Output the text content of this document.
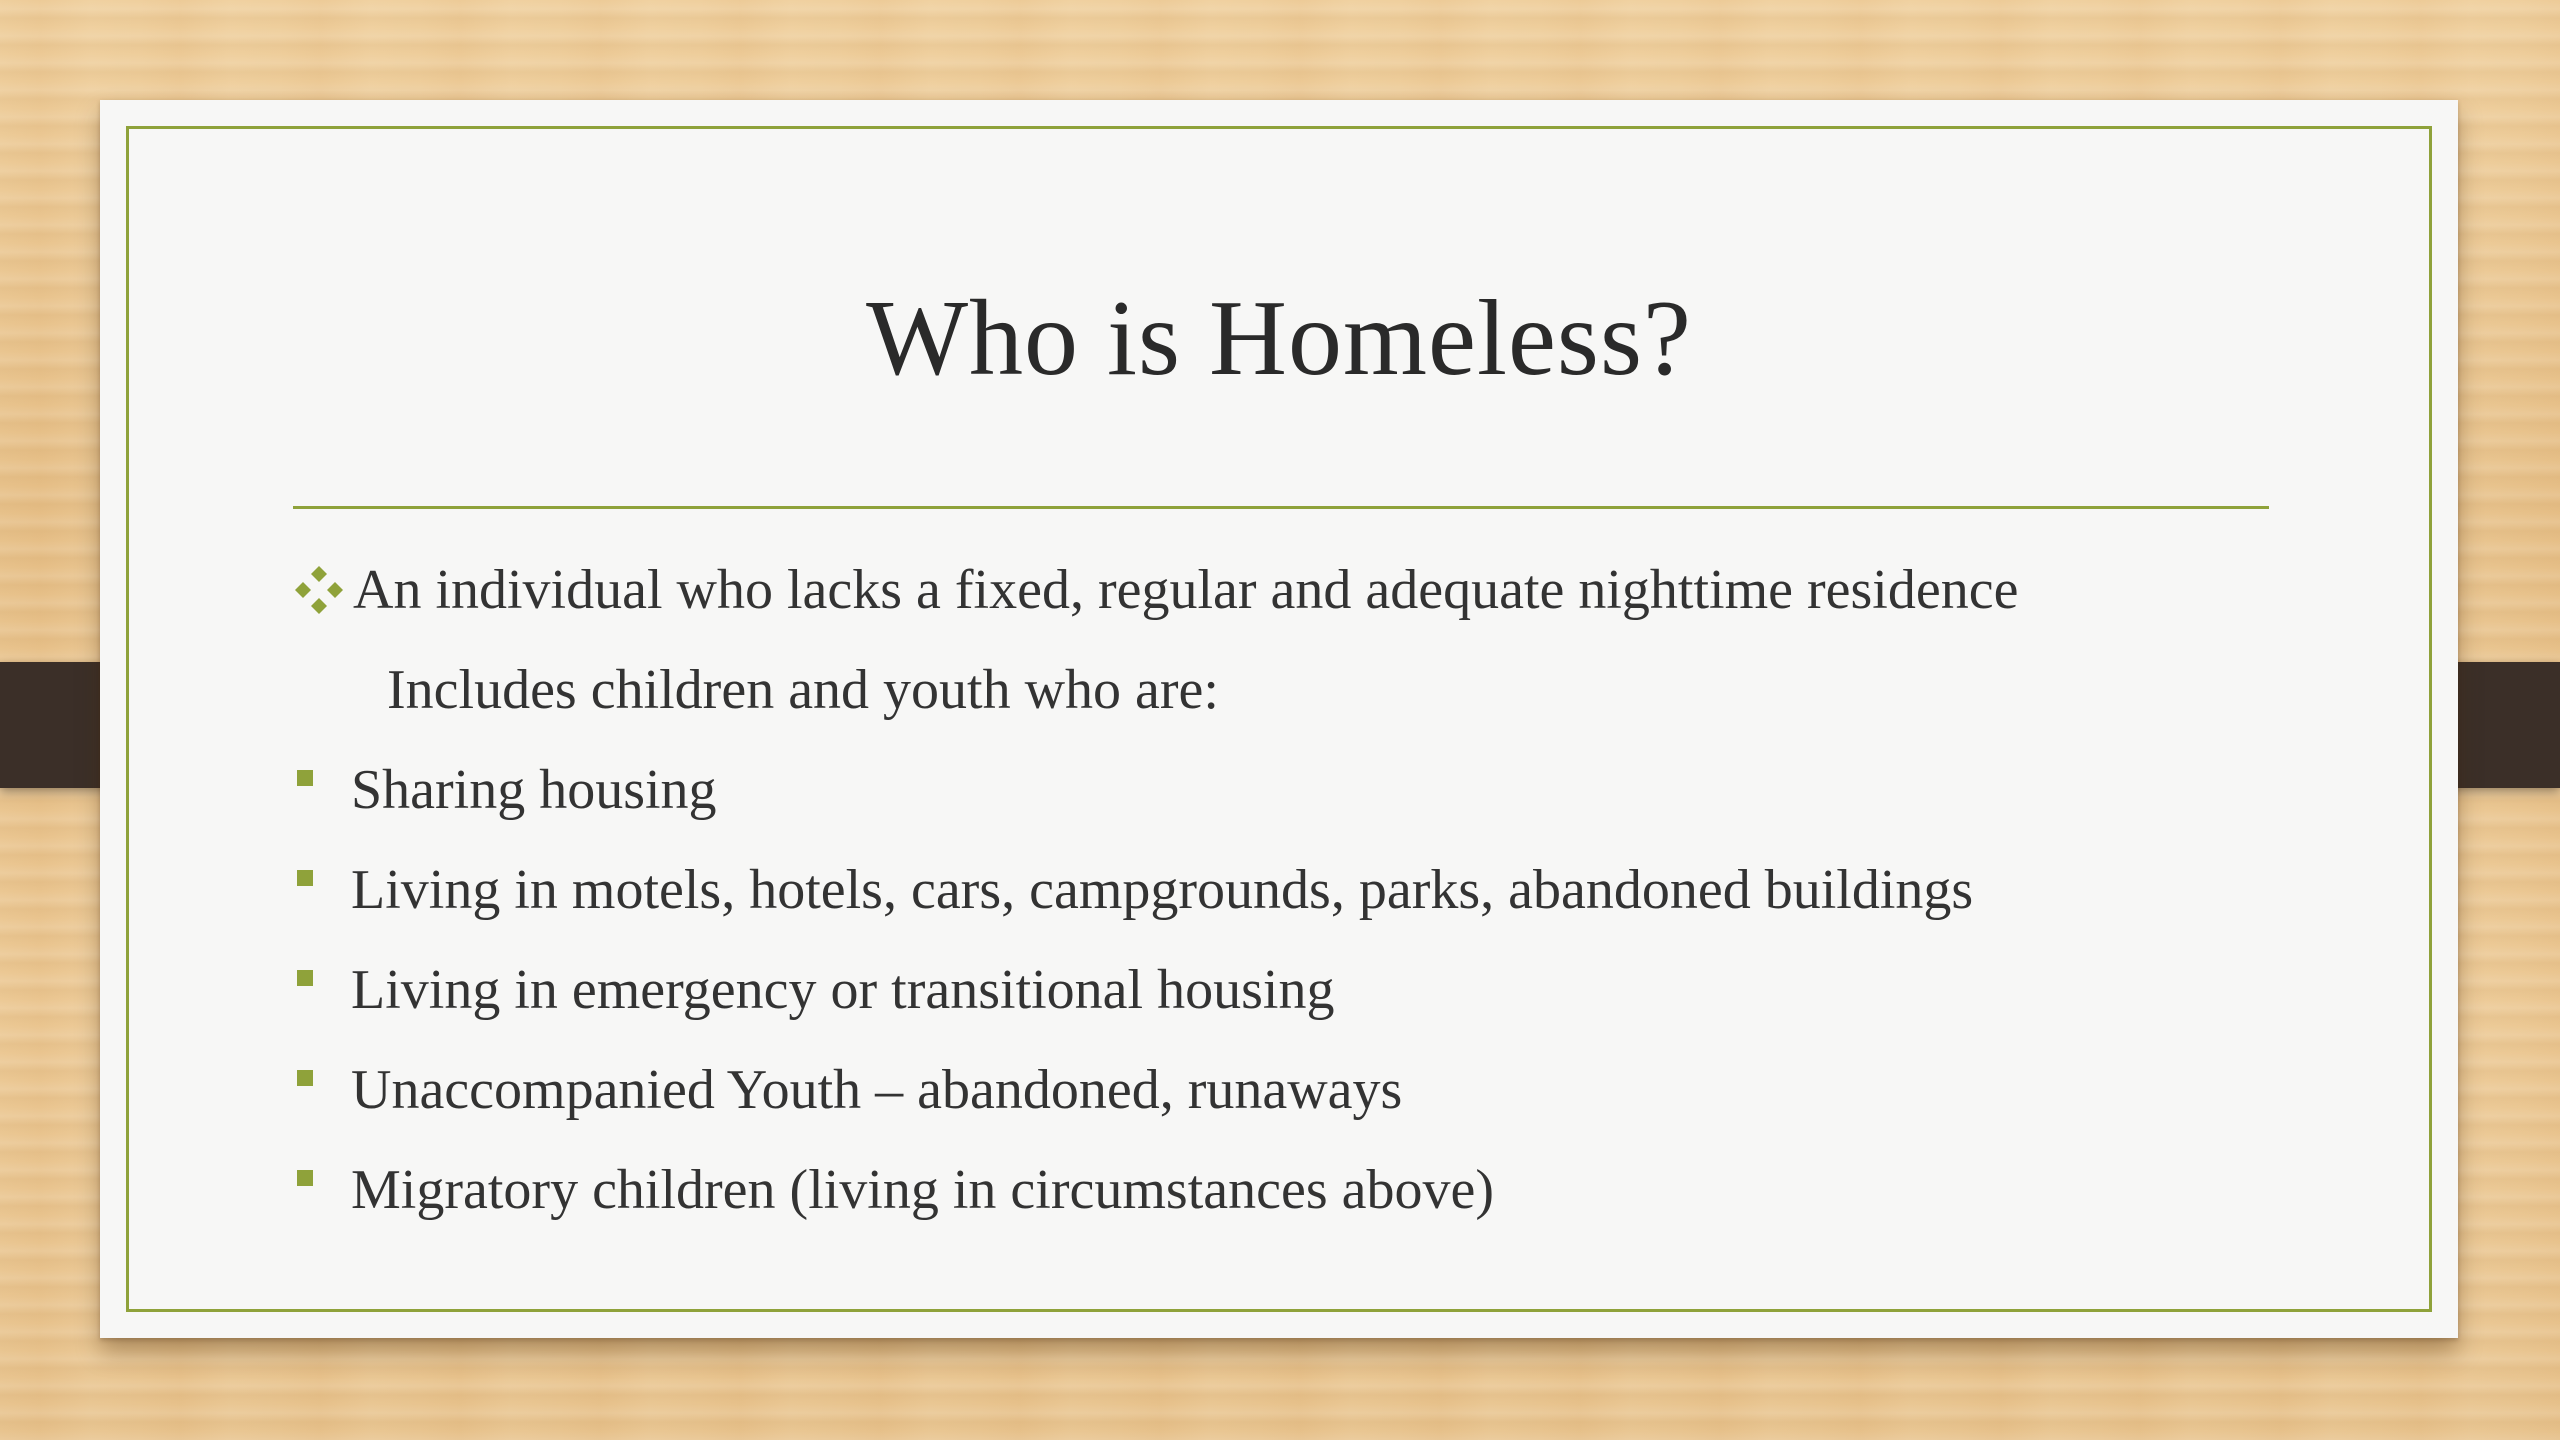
Who is Homeless?
An individual who lacks a fixed, regular and adequate nighttime residence
Includes children and youth who are:
Sharing housing
Living in motels, hotels, cars, campgrounds, parks, abandoned buildings
Living in emergency or transitional housing
Unaccompanied Youth – abandoned, runaways
Migratory children (living in circumstances above)
